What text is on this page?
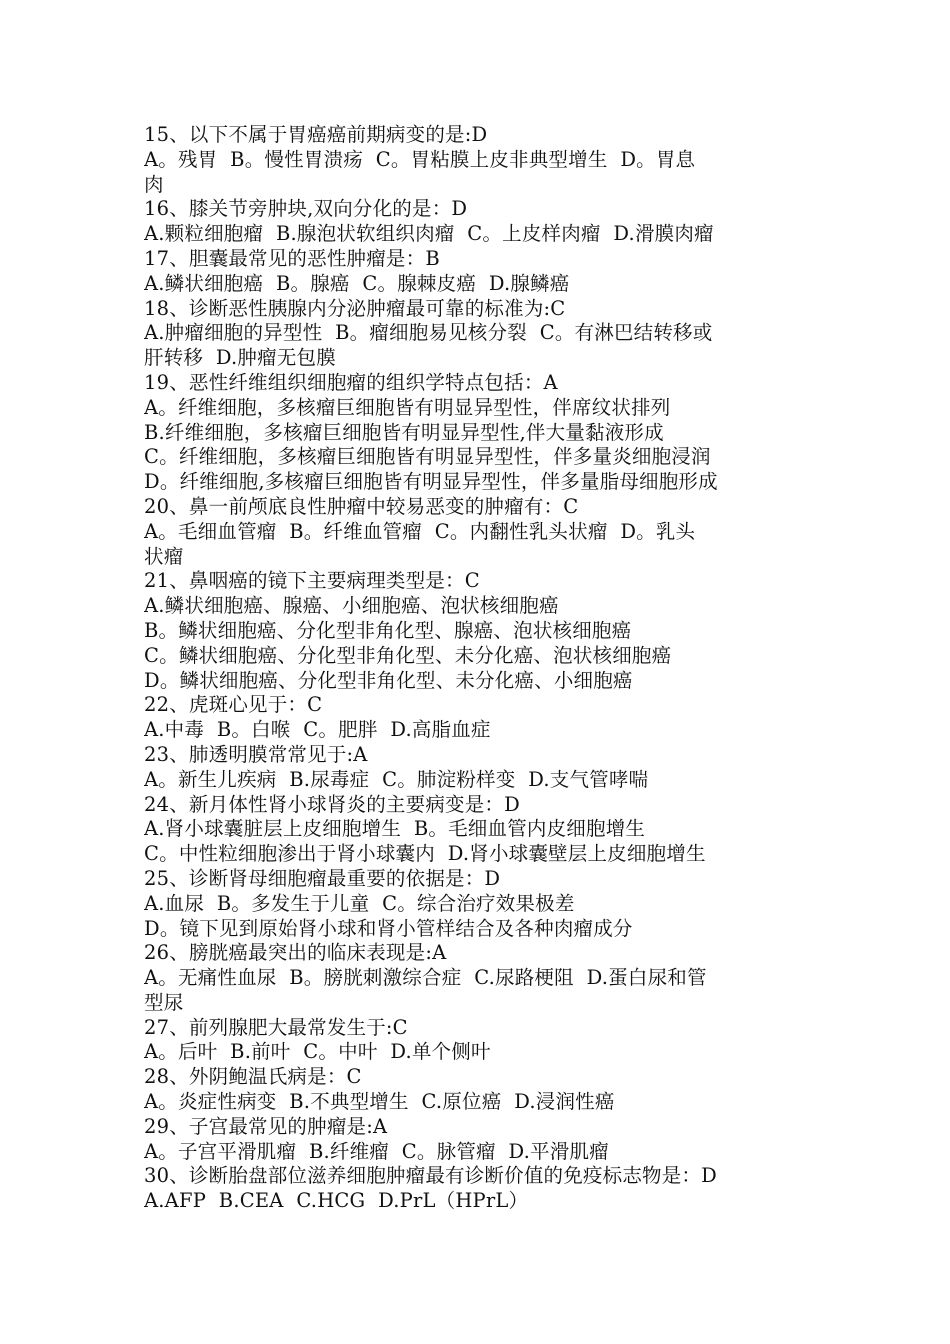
15、以下不属于胃癌癌前期病变的是:D
A。残胃  B。慢性胃溃疡  C。胃粘膜上皮非典型增生  D。胃息
肉
16、膝关节旁肿块,双向分化的是：D
A.颗粒细胞瘤  B.腺泡状软组织肉瘤  C。上皮样肉瘤  D.滑膜肉瘤
17、胆囊最常见的恶性肿瘤是：B
A.鳞状细胞癌  B。腺癌  C。腺棘皮癌  D.腺鳞癌
18、诊断恶性胰腺内分泌肿瘤最可靠的标准为:C
A.肿瘤细胞的异型性  B。瘤细胞易见核分裂  C。有淋巴结转移或
肝转移  D.肿瘤无包膜
19、恶性纤维组织细胞瘤的组织学特点包括：A
A。纤维细胞，多核瘤巨细胞皆有明显异型性，伴席纹状排列
B.纤维细胞，多核瘤巨细胞皆有明显异型性,伴大量黏液形成
C。纤维细胞，多核瘤巨细胞皆有明显异型性，伴多量炎细胞浸润
D。纤维细胞,多核瘤巨细胞皆有明显异型性，伴多量脂母细胞形成
20、鼻一前颅底良性肿瘤中较易恶变的肿瘤有：C
A。毛细血管瘤  B。纤维血管瘤  C。内翻性乳头状瘤  D。乳头
状瘤
21、鼻咽癌的镜下主要病理类型是：C
A.鳞状细胞癌、腺癌、小细胞癌、泡状核细胞癌
B。鳞状细胞癌、分化型非角化型、腺癌、泡状核细胞癌
C。鳞状细胞癌、分化型非角化型、未分化癌、泡状核细胞癌
D。鳞状细胞癌、分化型非角化型、未分化癌、小细胞癌
22、虎斑心见于：C
A.中毒  B。白喉  C。肥胖  D.高脂血症
23、肺透明膜常常见于:A
A。新生儿疾病  B.尿毒症  C。肺淀粉样变  D.支气管哮喘
24、新月体性肾小球肾炎的主要病变是：D
A.肾小球囊脏层上皮细胞增生  B。毛细血管内皮细胞增生
C。中性粒细胞渗出于肾小球囊内  D.肾小球囊壁层上皮细胞增生
25、诊断肾母细胞瘤最重要的依据是：D
A.血尿  B。多发生于儿童  C。综合治疗效果极差
D。镜下见到原始肾小球和肾小管样结合及各种肉瘤成分
26、膀胱癌最突出的临床表现是:A
A。无痛性血尿  B。膀胱刺激综合症  C.尿路梗阻  D.蛋白尿和管
型尿
27、前列腺肥大最常发生于:C
A。后叶  B.前叶  C。中叶  D.单个侧叶
28、外阴鲍温氏病是：C
A。炎症性病变  B.不典型增生  C.原位癌  D.浸润性癌
29、子宫最常见的肿瘤是:A
A。子宫平滑肌瘤  B.纤维瘤  C。脉管瘤  D.平滑肌瘤
30、诊断胎盘部位滋养细胞肿瘤最有诊断价值的免疫标志物是：D
A.AFP  B.CEA  C.HCG  D.PrL（HPrL）
